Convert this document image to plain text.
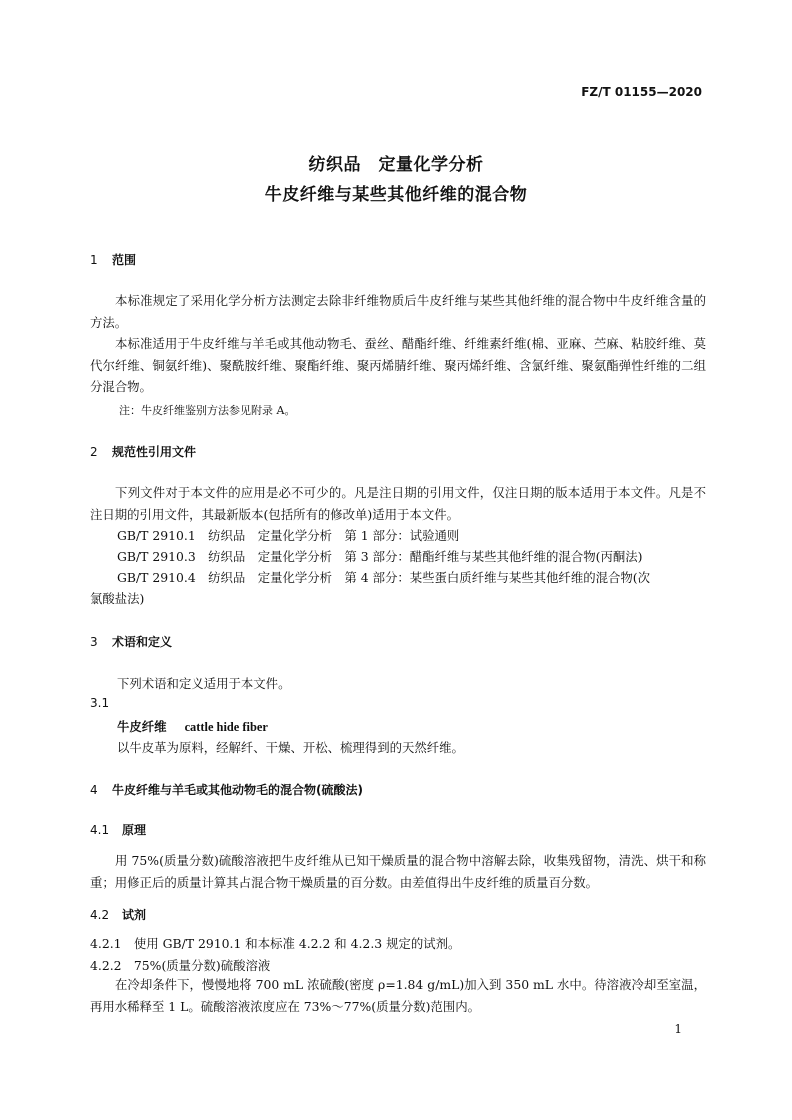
FZ/T 01155—2020
纺织品　定量化学分析
牛皮纤维与某些其他纤维的混合物
1 范围
本标准规定了采用化学分析方法测定去除非纤维物质后牛皮纤维与某些其他纤维的混合物中牛皮纤维含量的方法。
本标准适用于牛皮纤维与羊毛或其他动物毛、蚕丝、醋酯纤维、纤维素纤维(棉、亚麻、苎麻、粘胶纤维、莫代尔纤维、铜氨纤维)、聚酰胺纤维、聚酯纤维、聚丙烯腈纤维、聚丙烯纤维、含氯纤维、聚氨酯弹性纤维的二组分混合物。
注：牛皮纤维鉴别方法参见附录 A。
2 规范性引用文件
下列文件对于本文件的应用是必不可少的。凡是注日期的引用文件，仅注日期的版本适用于本文件。凡是不注日期的引用文件，其最新版本(包括所有的修改单)适用于本文件。
GB/T 2910.1　纺织品　定量化学分析　第 1 部分：试验通则
GB/T 2910.3　纺织品　定量化学分析　第 3 部分：醋酯纤维与某些其他纤维的混合物(丙酮法)
GB/T 2910.4　纺织品　定量化学分析　第 4 部分：某些蛋白质纤维与某些其他纤维的混合物(次
氯酸盐法)
3 术语和定义
下列术语和定义适用于本文件。
3.1
牛皮纤维 cattle hide fiber
以牛皮革为原料，经解纤、干燥、开松、梳理得到的天然纤维。
4 牛皮纤维与羊毛或其他动物毛的混合物(硫酸法)
4.1 原理
用 75%(质量分数)硫酸溶液把牛皮纤维从已知干燥质量的混合物中溶解去除，收集残留物，清洗、烘干和称重；用修正后的质量计算其占混合物干燥质量的百分数。由差值得出牛皮纤维的质量百分数。
4.2 试剂
4.2.1　使用 GB/T 2910.1 和本标准 4.2.2 和 4.2.3 规定的试剂。
4.2.2　75%(质量分数)硫酸溶液
在冷却条件下，慢慢地将 700 mL 浓硫酸(密度 ρ=1.84 g/mL)加入到 350 mL 水中。待溶液冷却至室温，再用水稀释至 1 L。硫酸溶液浓度应在 73%～77%(质量分数)范围内。
1
